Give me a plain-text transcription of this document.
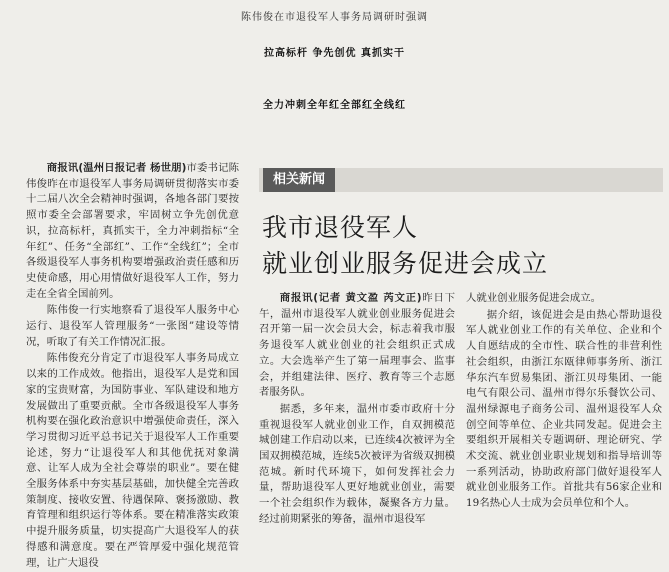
陈伟俊在市退役军人事务局调研时强调
拉高标杆 争先创优 真抓实干
全力冲刺全年红全部红全线红

商报讯(温州日报记者 杨世朋)市委书记陈伟俊昨在市退役军人事务局调研贯彻落实市委十二届八次全会精神时强调，各地各部门要按照市委全会部署要求，牢固树立争先创优意识，拉高标杆，真抓实干，全力冲刺指标“全年红”、任务“全部红”、工作“全线红”；全市各级退役军人事务机构要增强政治责任感和历史使命感，用心用情做好退役军人工作，努力走在全省全国前列。

陈伟俊一行实地察看了退役军人服务中心运行、退役军人管理服务“一张图”建设等情况，听取了有关工作情况汇报。

陈伟俊充分肯定了市退役军人事务局成立以来的工作成效。他指出，退役军人是党和国家的宝贵财富，为国防事业、军队建设和地方发展做出了重要贡献。全市各级退役军人事务机构要在强化政治意识中增强使命责任，深入学习贯彻习近平总书记关于退役军人工作重要论述，努力“让退役军人和其他优抚对象满意、让军人成为全社会尊崇的职业”。要在健全服务体系中夯实基层基础，加快健全完善政策制度、接收安置、待遇保障、褒扬激励、教育管理和组织运行等体系。要在精准落实政策中提升服务质量，切实提高广大退役军人的获得感和满意度。要在严管厚爱中强化规范管理，让广大退役

相关新闻
我市退役军人
就业创业服务促进会成立

商报讯(记者 黄文盈 芮文正)昨日下午，温州市退役军人就业创业服务促进会召开第一届一次会员大会，标志着我市服务退役军人就业创业的社会组织正式成立。大会选举产生了第一届理事会、监事会，并组建法律、医疗、教育等三个志愿者服务队。

据悉，多年来，温州市委市政府十分重视退役军人就业创业工作，自双拥模范城创建工作启动以来，已连续4次被评为全国双拥模范城，连续5次被评为省级双拥模范城。新时代环境下，如何发挥社会力量，帮助退役军人更好地就业创业，需要一个社会组织作为载体，凝聚各方力量。经过前期紧张的筹备，温州市退役军

人就业创业服务促进会成立。

据介绍，该促进会是由热心帮助退役军人就业创业工作的有关单位、企业和个人自愿结成的全市性、联合性的非营利性社会组织，由浙江东瓯律师事务所、浙江华东汽车贸易集团、浙江贝母集团、一能电气有限公司、温州市得尔乐餐饮公司、温州绿源电子商务公司、温州退役军人众创空间等单位、企业共同发起。促进会主要组织开展相关专题调研、理论研究、学术交流、就业创业职业规划和指导培训等一系列活动，协助政府部门做好退役军人就业创业服务工作。首批共有56家企业和19名热心人士成为会员单位和个人。
